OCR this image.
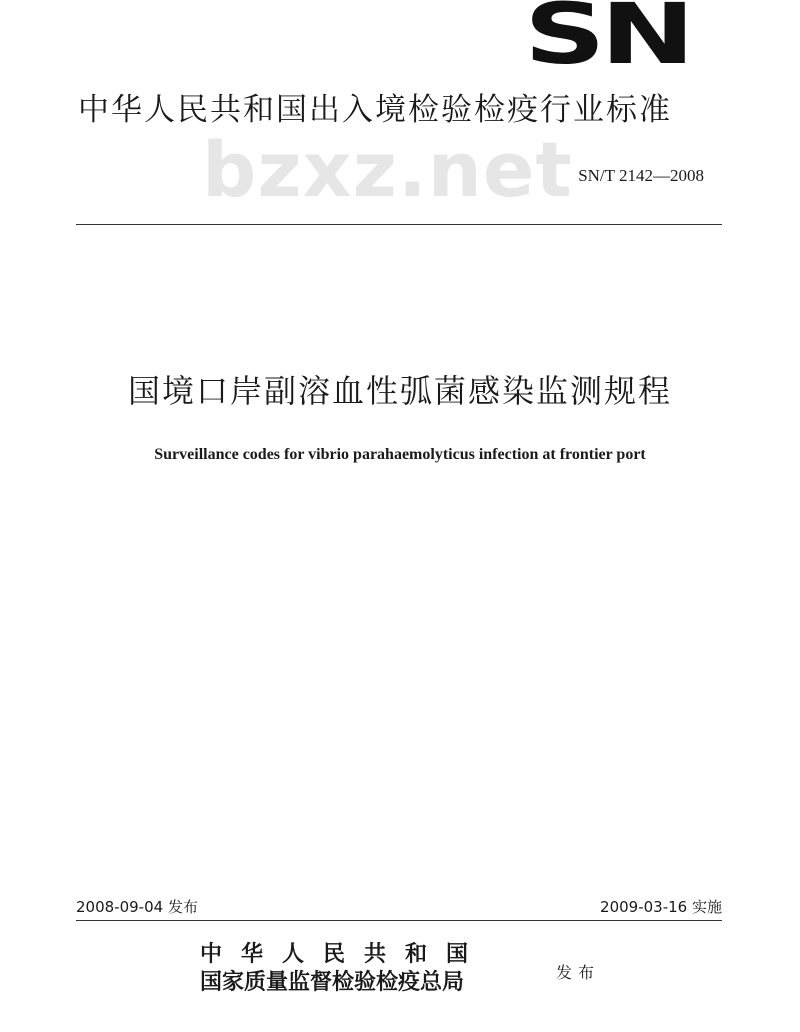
SN
中华人民共和国出入境检验检疫行业标准
bzxz.net SN/T 2142—2008
国境口岸副溶血性弧菌感染监测规程
Surveillance codes for vibrio parahaemolyticus infection at frontier port
2008-09-04 发布	2009-03-16 实施
中华人民共和国
国家质量监督检验检疫总局	发布
